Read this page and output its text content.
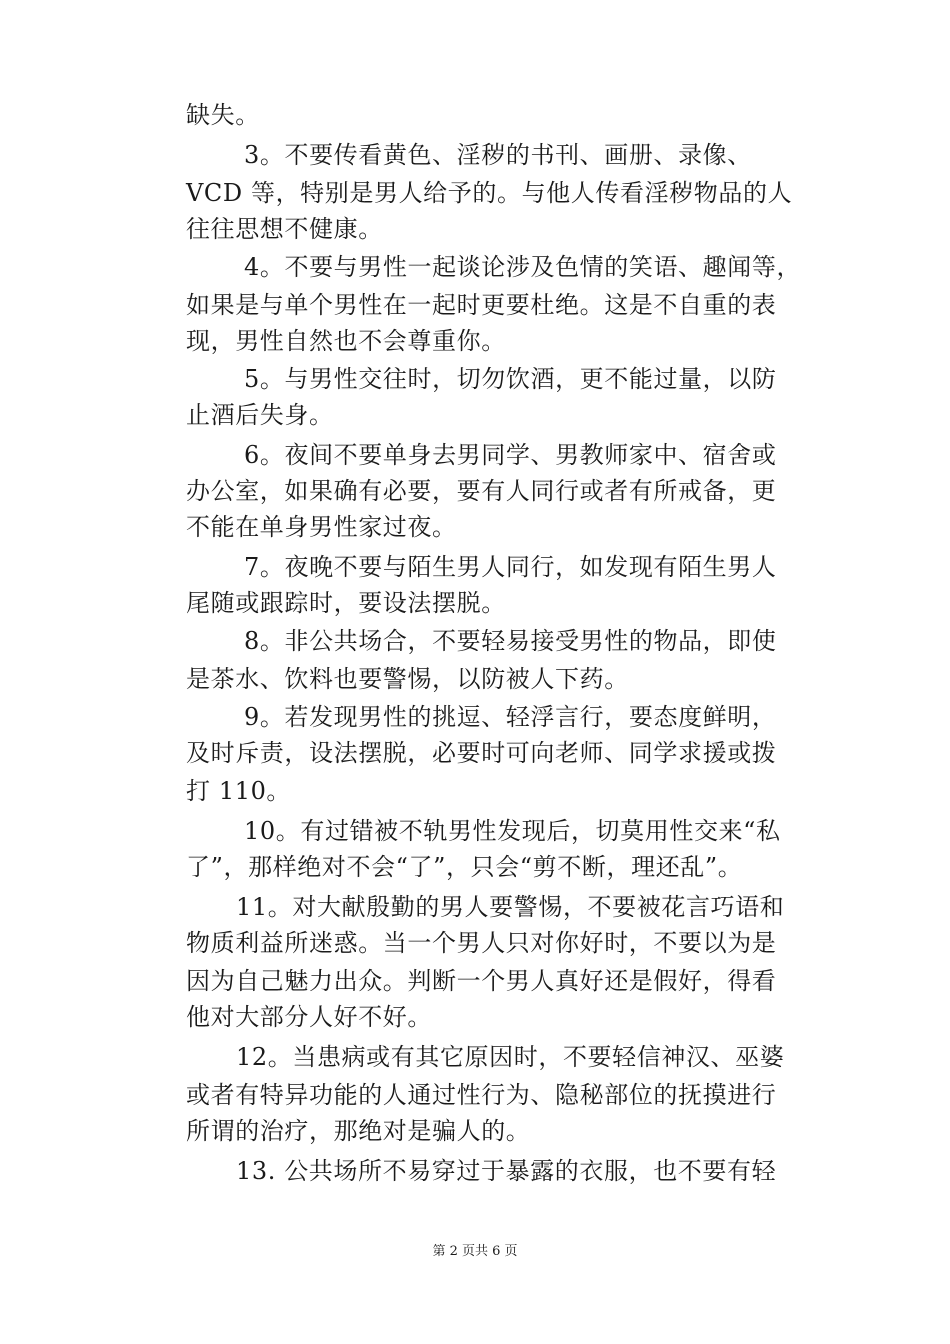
缺失。
3。不要传看黄色、淫秽的书刊、画册、录像、
VCD 等，特别是男人给予的。与他人传看淫秽物品的人
往往思想不健康。
4。不要与男性一起谈论涉及色情的笑语、趣闻等，
如果是与单个男性在一起时更要杜绝。这是不自重的表
现，男性自然也不会尊重你。
5。与男性交往时，切勿饮酒，更不能过量，以防
止酒后失身。
6。夜间不要单身去男同学、男教师家中、宿舍或
办公室，如果确有必要，要有人同行或者有所戒备，更
不能在单身男性家过夜。
7。夜晚不要与陌生男人同行，如发现有陌生男人
尾随或跟踪时，要设法摆脱。
8。非公共场合，不要轻易接受男性的物品，即使
是茶水、饮料也要警惕，以防被人下药。
9。若发现男性的挑逗、轻浮言行，要态度鲜明，
及时斥责，设法摆脱，必要时可向老师、同学求援或拨
打 110。
10。有过错被不轨男性发现后，切莫用性交来“私
了”，那样绝对不会“了”，只会“剪不断，理还乱”。
11。对大献殷勤的男人要警惕，不要被花言巧语和
物质利益所迷惑。当一个男人只对你好时，不要以为是
因为自己魅力出众。判断一个男人真好还是假好，得看
他对大部分人好不好。
12。当患病或有其它原因时，不要轻信神汉、巫婆
或者有特异功能的人通过性行为、隐秘部位的抚摸进行
所谓的治疗，那绝对是骗人的。
13. 公共场所不易穿过于暴露的衣服，也不要有轻
第 2 页共 6 页
